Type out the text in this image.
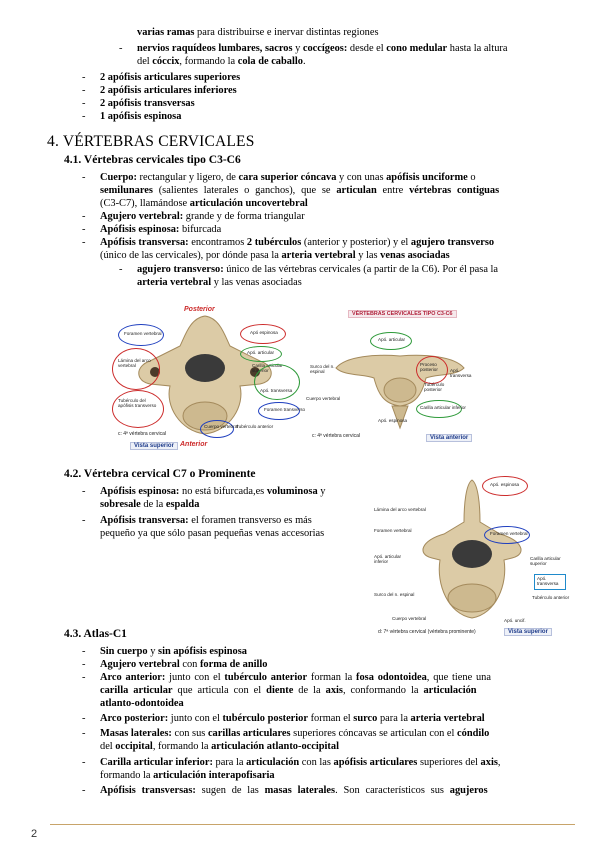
varias ramas para distribuirse e inervar distintas regiones
- nervios raquídeos lumbares, sacros y coccígeos: desde el cono medular hasta la altura
del cóccix, formando la cola de caballo.
- 2 apófisis articulares superiores
- 2 apófisis articulares inferiores
- 2 apófisis transversas
- 1 apófisis espinosa
4. VÉRTEBRAS CERVICALES
4.1. Vértebras cervicales tipo C3-C6
- Cuerpo: rectangular y ligero, de cara superior cóncava y con unas apófisis unciforme o
semilunares (salientes laterales o ganchos), que se articulan entre vértebras contiguas
(C3-C7), llamándose articulación uncovertebral
- Agujero vertebral: grande y de forma triangular
- Apófisis espinosa: bifurcada
- Apófisis transversa: encontramos 2 tubérculos (anterior y posterior) y el agujero transverso
(único de las cervicales), por dónde pasa la arteria vertebral y las venas asociadas
- agujero transverso: único de las vértebras cervicales (a partir de la C6). Por él pasa la
arteria vertebral y las venas asociadas
Posterior
Anterior
Foramen vertebral	Apó espinosa
Lámina del arco vertebral
Apó. articular
Carilla articular superior
Apó. transversa
Foramen transverso
Tubérculo del apófisis transverso
Cuerpo vertebral
Tubérculo anterior
c: 4ª vértebra cervical
Vista superior
VÉRTEBRAS CERVICALES TIPO C3-C6
Apó. articular
Proceso posterior	Apó. transversa
Surco del n. espinal
Cuerpo vertebral
Tubérculo posterior
Carilla articular inferior
Apó. espinosa
c: 4ª vértebra cervical	Vista anterior
4.2. Vértebra cervical C7 o Prominente
- Apófisis espinosa: no está bifurcada,es voluminosa y
sobresale de la espalda
- Apófisis transversa: el foramen transverso es más
pequeño ya que sólo pasan pequeñas venas accesorias
Apó. espinosa
Lámina del arco vertebral
Foramen vertebral
Foramen vertebral
Apó. articular inferior
Surco del n. espinal
Cuerpo vertebral
Carilla articular superior
Apó. transversa
Tubérculo anterior
Apó. uncif.
d: 7ª vértebra cervical (vértebra prominente)	Vista superior
4.3. Atlas-C1
- Sin cuerpo y sin apófisis espinosa
- Agujero vertebral con forma de anillo
- Arco anterior: junto con el tubérculo anterior forman la fosa odontoidea, que tiene una
carilla articular que articula con el diente de la axis, conformando la articulación
atlanto-odontoidea
- Arco posterior: junto con el tubérculo posterior forman el surco para la arteria vertebral
- Masas laterales: con sus carillas articulares superiores cóncavas se articulan con el cóndilo
del occipital, formando la articulación atlanto-occipital
- Carilla articular inferior: para la articulación con las apófisis articulares superiores del axis,
formando la articulación interapofisaria
- Apófisis transversas: sugen de las masas laterales. Son característicos sus agujeros
2
